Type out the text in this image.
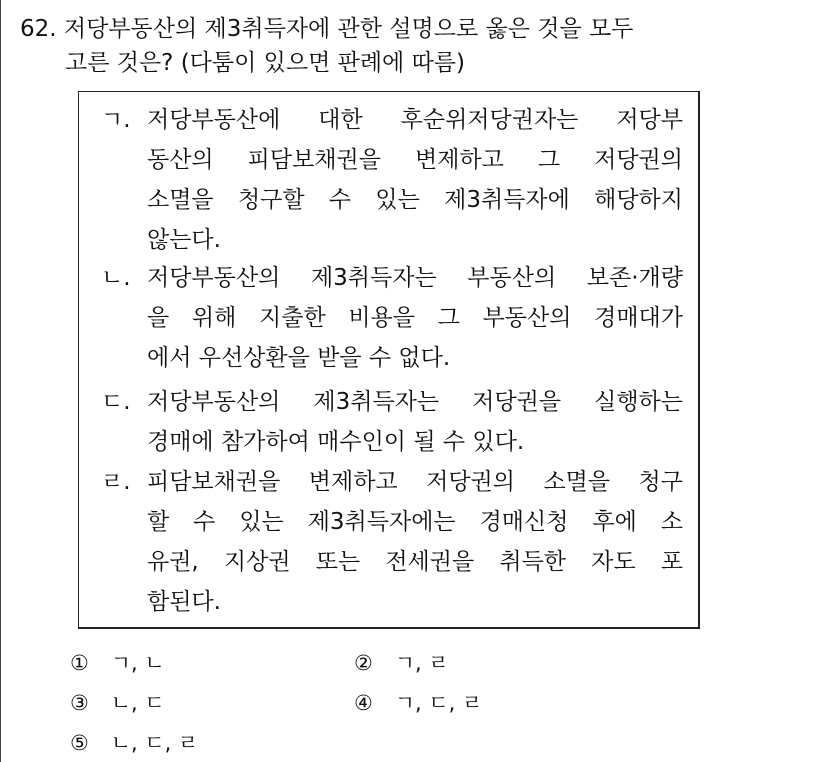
62. 저당부동산의 제3취득자에 관한 설명으로 옳은 것을 모두
고른 것은? (다툼이 있으면 판례에 따름)
ㄱ. 저당부동산에 대한 후순위저당권자는 저당부
동산의 피담보채권을 변제하고 그 저당권의
소멸을 청구할 수 있는 제3취득자에 해당하지
않는다.
ㄴ. 저당부동산의 제3취득자는 부동산의 보존·개량
을 위해 지출한 비용을 그 부동산의 경매대가
에서 우선상환을 받을 수 없다.
ㄷ. 저당부동산의 제3취득자는 저당권을 실행하는
경매에 참가하여 매수인이 될 수 있다.
ㄹ. 피담보채권을 변제하고 저당권의 소멸을 청구
할 수 있는 제3취득자에는 경매신청 후에 소
유권, 지상권 또는 전세권을 취득한 자도 포
함된다.
① ㄱ, ㄴ	② ㄱ, ㄹ
③ ㄴ, ㄷ	④ ㄱ, ㄷ, ㄹ
⑤ ㄴ, ㄷ, ㄹ
